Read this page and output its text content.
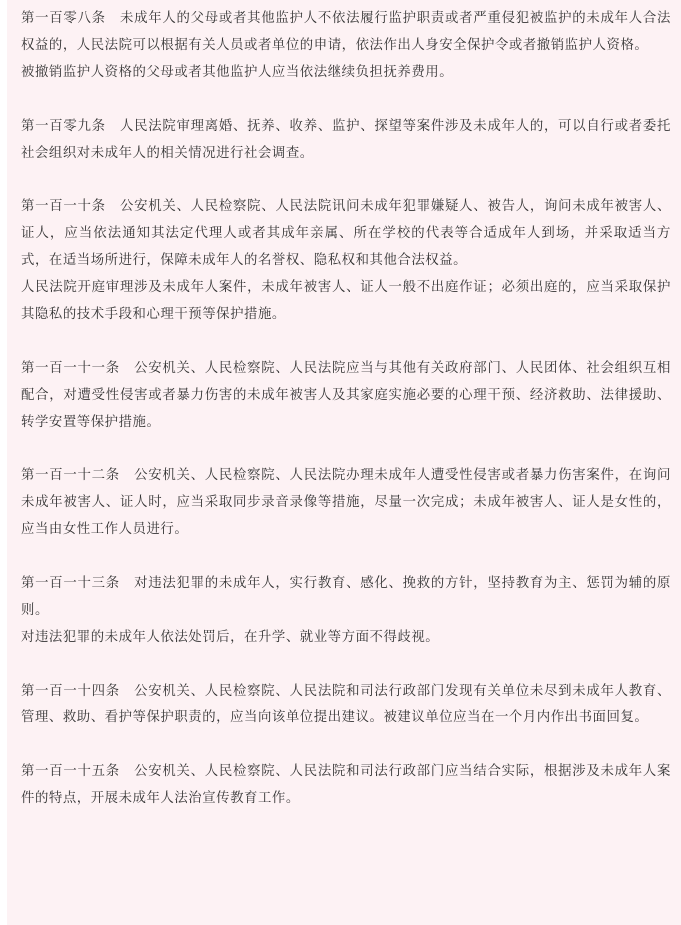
第一百零八条　未成年人的父母或者其他监护人不依法履行监护职责或者严重侵犯被监护的未成年人合法权益的，人民法院可以根据有关人员或者单位的申请，依法作出人身安全保护令或者撤销监护人资格。

被撤销监护人资格的父母或者其他监护人应当依法继续负担抚养费用。

第一百零九条　人民法院审理离婚、抚养、收养、监护、探望等案件涉及未成年人的，可以自行或者委托社会组织对未成年人的相关情况进行社会调查。

第一百一十条　公安机关、人民检察院、人民法院讯问未成年犯罪嫌疑人、被告人，询问未成年被害人、证人，应当依法通知其法定代理人或者其成年亲属、所在学校的代表等合适成年人到场，并采取适当方式，在适当场所进行，保障未成年人的名誉权、隐私权和其他合法权益。

人民法院开庭审理涉及未成年人案件，未成年被害人、证人一般不出庭作证；必须出庭的，应当采取保护其隐私的技术手段和心理干预等保护措施。

第一百一十一条　公安机关、人民检察院、人民法院应当与其他有关政府部门、人民团体、社会组织互相配合，对遭受性侵害或者暴力伤害的未成年被害人及其家庭实施必要的心理干预、经济救助、法律援助、转学安置等保护措施。

第一百一十二条　公安机关、人民检察院、人民法院办理未成年人遭受性侵害或者暴力伤害案件，在询问未成年被害人、证人时，应当采取同步录音录像等措施，尽量一次完成；未成年被害人、证人是女性的，应当由女性工作人员进行。

第一百一十三条　对违法犯罪的未成年人，实行教育、感化、挽救的方针，坚持教育为主、惩罚为辅的原则。

对违法犯罪的未成年人依法处罚后，在升学、就业等方面不得歧视。

第一百一十四条　公安机关、人民检察院、人民法院和司法行政部门发现有关单位未尽到未成年人教育、管理、救助、看护等保护职责的，应当向该单位提出建议。被建议单位应当在一个月内作出书面回复。

第一百一十五条　公安机关、人民检察院、人民法院和司法行政部门应当结合实际，根据涉及未成年人案件的特点，开展未成年人法治宣传教育工作。
